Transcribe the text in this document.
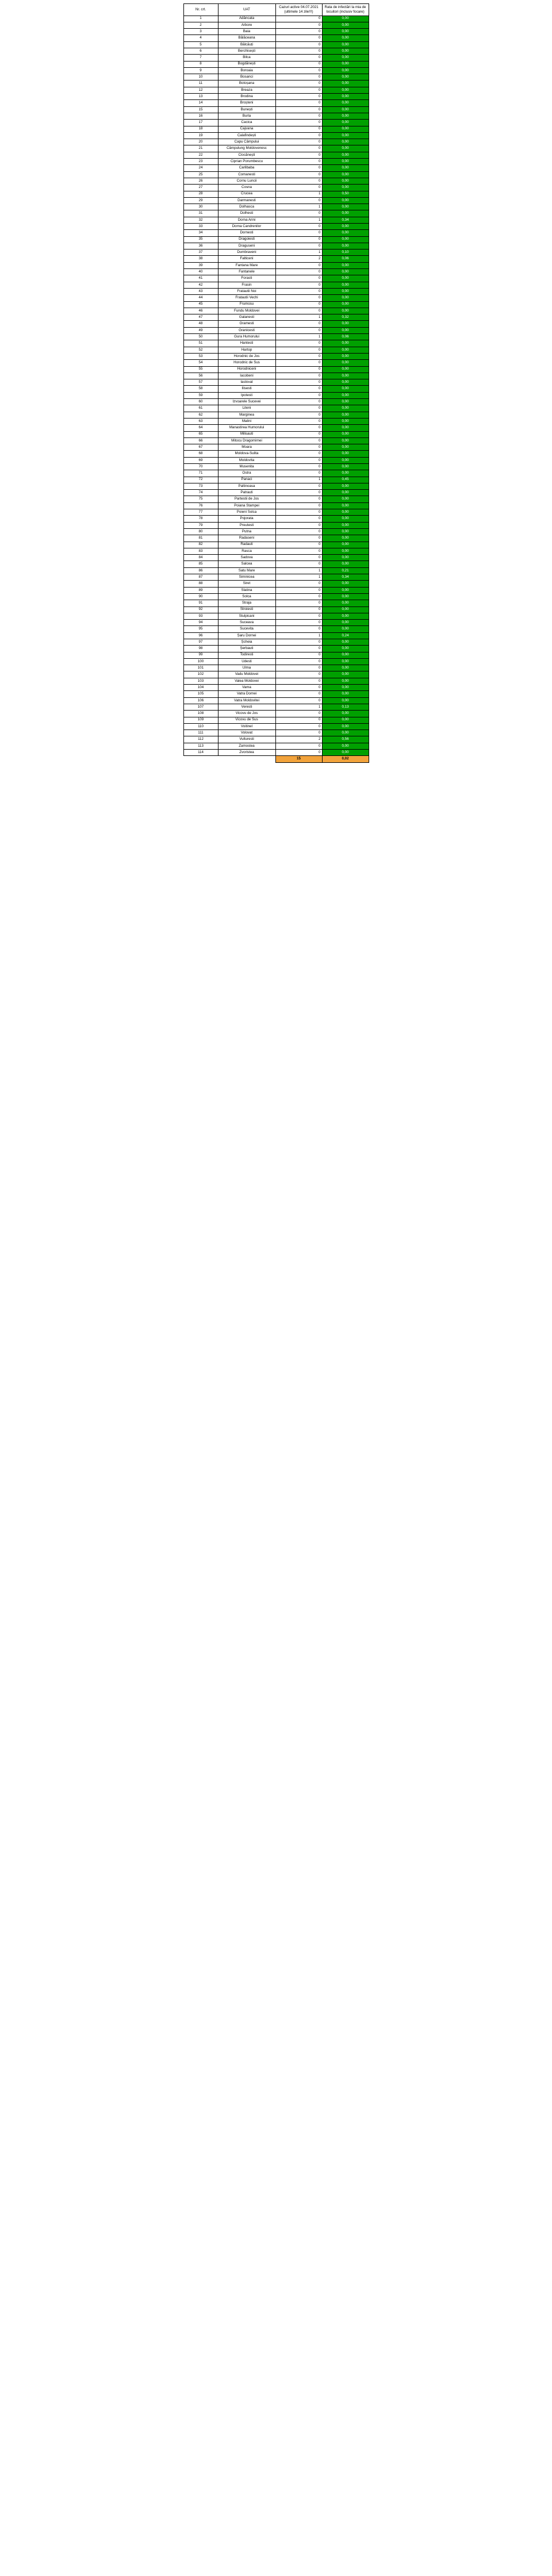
Nr. crt.	UAT	Cazuri active 04.07.2021 (ultimele 14 zile!!!)	Rata de infectări la mia de locuitori (inclusiv focare)
1	Adâncata	0	0,00
2	Arbore	0	0,00
3	Baia	0	0,00
4	Bălăceana	0	0,00
5	Bălcăuți	0	0,00
6	Berchisești	0	0,00
7	Bilca	0	0,00
8	Bogdănești	0	0,00
9	Boroaia	0	0,00
10	Bosanci	0	0,00
11	Botoșana	0	0,00
12	Breaza	0	0,00
13	Brodina	0	0,00
14	Broșteni	0	0,00
15	Bunești	0	0,00
16	Burla	0	0,00
17	Cacica	0	0,00
18	Cajvana	0	0,00
19	Calafindești	0	0,00
20	Capu Câmpului	0	0,00
21	Câmpulung Moldovenesc	0	0,00
22	Ciocănești	0	0,00
23	Ciprian Porumbescu	0	0,00
24	Carlibaba	0	0,00
25	Comanesti	0	0,00
26	Cornu Luncii	0	0,00
27	Cosna	0	0,00
28	Crucea	1	0,50
29	Darmanesti	0	0,00
30	Dolhasca	1	0,00
31	Dolhesti	0	0,00
32	Dorna Arini	1	0,34
33	Dorna Candrenilor	0	0,00
34	Dornesti	0	0,00
35	Dragoiesti	0	0,00
36	Draguseni	0	0,00
37	Dumbraveni	1	0,10
38	Falticeni	2	0,06
39	Fantana Mare	0	0,00
40	Fantanele	0	0,00
41	Forasti	0	0,00
42	Frasin	0	0,00
43	Fratautii Noi	0	0,00
44	Fratautii Vechi	0	0,00
45	Frumosu	0	0,00
46	Fundu Moldovei	0	0,00
47	Galanesti	1	0,32
48	Gramesti	0	0,00
49	Granicesti	0	0,00
50	Gura Humorului	1	0,06
51	Hantesti	0	0,00
52	Hartop	0	0,00
53	Horodnic de Jos	0	0,00
54	Horodnic de Sus	0	0,00
55	Horodniceni	0	0,00
56	Iacobeni	0	0,00
57	Iaslovat	0	0,00
58	Ilisesti	0	0,00
59	Ipotesti	0	0,00
60	Izvoarele Sucevei	0	0,00
61	Liteni	0	0,00
62	Marginea	0	0,00
63	Malini	0	0,00
64	Manastirea Humorului	0	0,00
65	Milisauti	0	0,00
66	Mitocu Dragomirnei	0	0,00
67	Moara	0	0,00
68	Moldova-Sulita	0	0,00
69	Moldovita	0	0,00
70	Musenita	0	0,00
71	Ostra	0	0,00
72	Panaci	1	0,45
73	Paltinoasa	0	0,00
74	Patrauti	0	0,00
75	Partestii de Jos	0	0,00
76	Poiana Stampei	0	0,00
77	Poieni Solca	0	0,00
78	Pojorata	0	0,00
79	Preutesti	0	0,00
80	Putna	0	0,00
81	Radaseni	0	0,00
82	Radauti	0	0,00
83	Rasca	0	0,00
84	Sadova	0	0,00
85	Salcea	0	0,00
86	Satu Mare	1	0,21
87	Siminicea	1	0,34
88	Siret	0	0,00
89	Slatina	0	0,00
90	Solca	0	0,00
91	Straja	0	0,00
92	Stroiesti	0	0,00
93	Stulpicani	0	0,00
94	Suceava	0	0,00
95	Sucevita	0	0,00
96	Șaru Dornei	1	0,24
97	Șcheia	0	0,00
98	Șerbauti	0	0,00
99	Todiresti	0	0,00
100	Udesti	0	0,00
101	Ulma	0	0,00
102	Vadu Moldovei	0	0,00
103	Valea Moldovei	0	0,00
104	Vama	0	0,00
105	Vatra Dornei	0	0,00
106	Vatra Moldovitei	0	0,00
107	Veresti	1	0,13
108	Vicovu de Jos	0	0,00
109	Vicovu de Sus	0	0,00
110	Voitinel	0	0,00
111	Volovat	0	0,00
112	Vulturesti	2	0,56
113	Zamostea	0	0,00
114	Zvoristea	0	0,00
		15	0,02
